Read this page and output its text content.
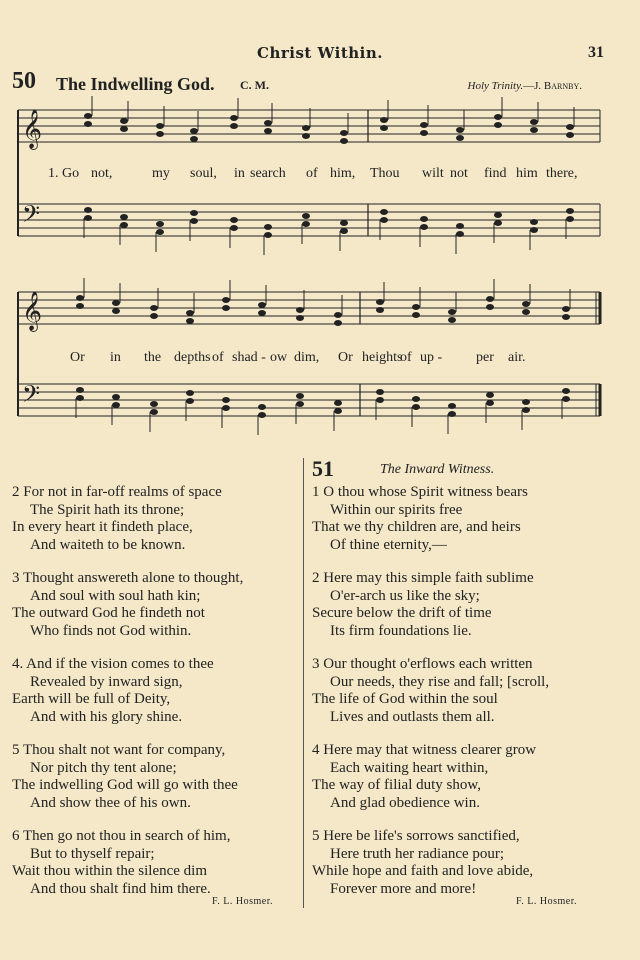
Christ Within.	31
50 The Indwelling God. C. M.	Holy Trinity.—J. Barnby.
𝄞
𝄢
𝄞
𝄢
1. Go not,	my soul, in search of him, Thou wilt not find him there,
Or in the depths of shad - ow dim, Or heights
of up - per air.
2 For not in far-off realms of space
The Spirit hath its throne;
In every heart it findeth place,
And waiteth to be known.
3 Thought answereth alone to thought,
And soul with soul hath kin;
The outward God he findeth not
Who finds not God within.
4. And if the vision comes to thee
Revealed by inward sign,
Earth will be full of Deity,
And with his glory shine.
5 Thou shalt not want for company,
Nor pitch thy tent alone;
The indwelling God will go with thee
And show thee of his own.
6 Then go not thou in search of him,
But to thyself repair;
Wait thou within the silence dim
And thou shalt find him there.
51	The Inward Witness.
1 O thou whose Spirit witness bears
Within our spirits free
That we thy children are, and heirs
Of thine eternity,—
2 Here may this simple faith sublime
O'er-arch us like the sky;
Secure below the drift of time
Its firm foundations lie.
3 Our thought o'erflows each written
Our needs, they rise and fall; [scroll,
The life of God within the soul
Lives and outlasts them all.
4 Here may that witness clearer grow
Each waiting heart within,
The way of filial duty show,
And glad obedience win.
5 Here be life's sorrows sanctified,
Here truth her radiance pour;
While hope and faith and love abide,
Forever more and more!
F. L. Hosmer.	F. L. Hosmer.
